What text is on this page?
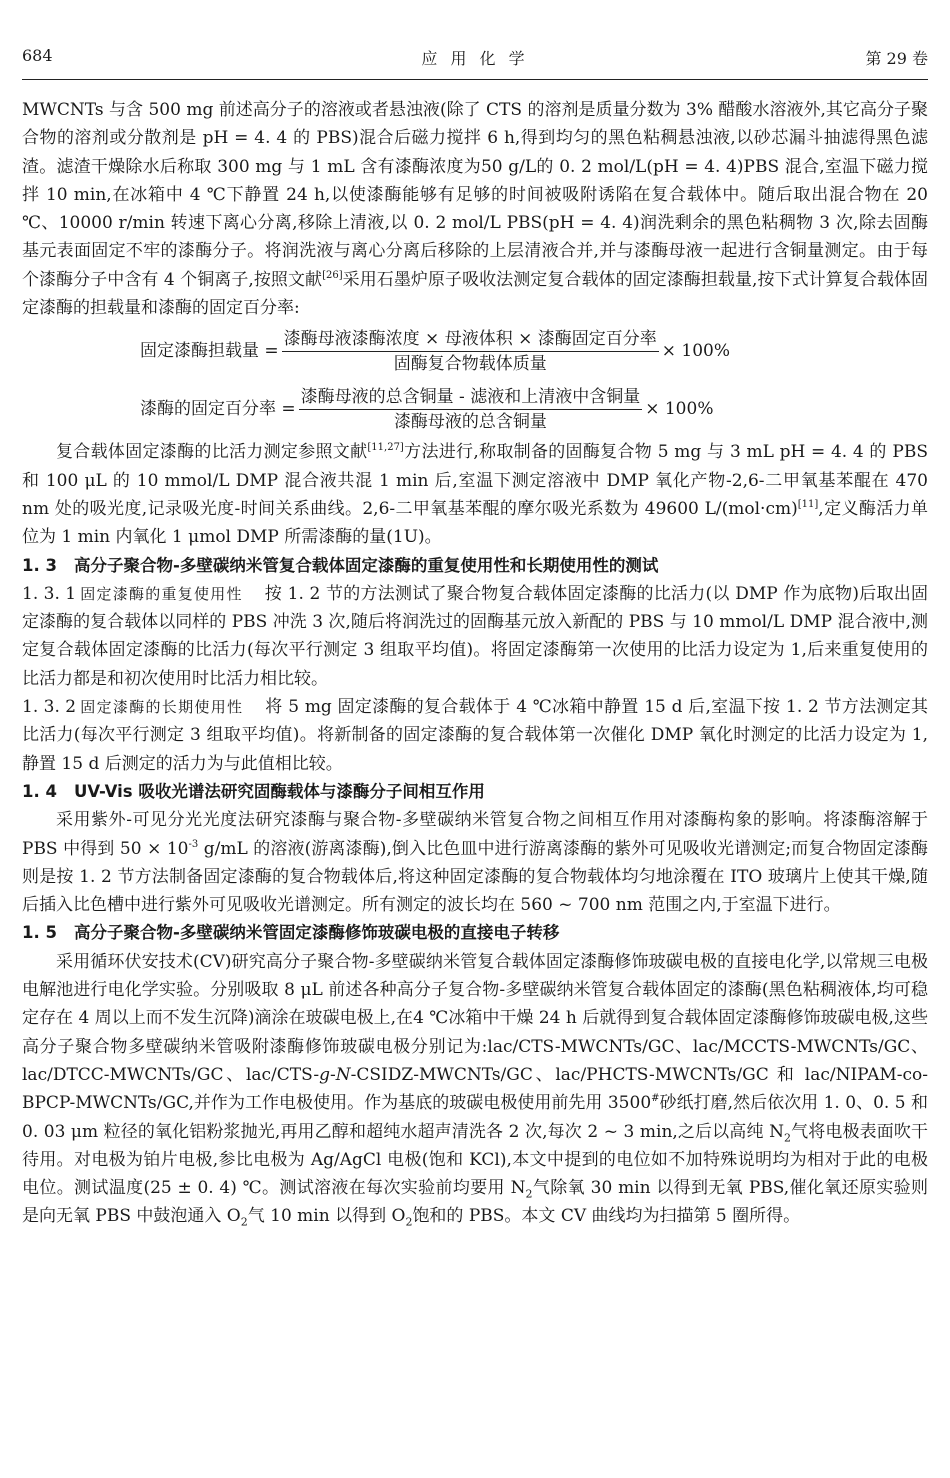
684	应 用 化 学	第 29 卷

MWCNTs 与含 500 mg 前述高分子的溶液或者悬浊液(除了 CTS 的溶剂是质量分数为 3% 醋酸水溶液外,其它高分子聚合物的溶剂或分散剂是 pH = 4. 4 的 PBS)混合后磁力搅拌 6 h,得到均匀的黑色粘稠悬浊液,以砂芯漏斗抽滤得黑色滤渣。滤渣干燥除水后称取 300 mg 与 1 mL 含有漆酶浓度为50 g/L的 0. 2 mol/L(pH = 4. 4)PBS 混合,室温下磁力搅拌 10 min,在冰箱中 4 ℃下静置 24 h,以使漆酶能够有足够的时间被吸附诱陷在复合载体中。随后取出混合物在 20 ℃、10000 r/min 转速下离心分离,移除上清液,以 0. 2 mol/L PBS(pH = 4. 4)润洗剩余的黑色粘稠物 3 次,除去固酶基元表面固定不牢的漆酶分子。将润洗液与离心分离后移除的上层清液合并,并与漆酶母液一起进行含铜量测定。由于每个漆酶分子中含有 4 个铜离子,按照文献[26]采用石墨炉原子吸收法测定复合载体的固定漆酶担载量,按下式计算复合载体固定漆酶的担载量和漆酶的固定百分率:

固定漆酶担载量 = $\frac{\text{漆酶母液漆酶浓度 × 母液体积 × 漆酶固定百分率}}{\text{固酶复合物载体质量}} \times 100\%$
漆酶的固定百分率 = $\frac{\text{漆酶母液的总含铜量 - 滤液和上清液中含铜量}}{\text{漆酶母液的总含铜量}} \times 100\%$

复合载体固定漆酶的比活力测定参照文献[11,27]方法进行,称取制备的固酶复合物 5 mg 与 3 mL pH = 4. 4 的 PBS 和 100 μL 的 10 mmol/L DMP 混合液共混 1 min 后,室温下测定溶液中 DMP 氧化产物-2,6-二甲氧基苯醌在 470 nm 处的吸光度,记录吸光度-时间关系曲线。2,6-二甲氧基苯醌的摩尔吸光系数为 49600 L/(mol·cm)[11],定义酶活力单位为 1 min 内氧化 1 μmol DMP 所需漆酶的量(1U)。

1. 3 高分子聚合物-多壁碳纳米管复合载体固定漆酶的重复使用性和长期使用性的测试

1. 3. 1 固定漆酶的重复使用性 按 1. 2 节的方法测试了聚合物复合载体固定漆酶的比活力(以 DMP 作为底物)后取出固定漆酶的复合载体以同样的 PBS 冲洗 3 次,随后将润洗过的固酶基元放入新配的 PBS 与 10 mmol/L DMP 混合液中,测定复合载体固定漆酶的比活力(每次平行测定 3 组取平均值)。将固定漆酶第一次使用的比活力设定为 1,后来重复使用的比活力都是和初次使用时比活力相比较。

1. 3. 2 固定漆酶的长期使用性 将 5 mg 固定漆酶的复合载体于 4 ℃冰箱中静置 15 d 后,室温下按 1. 2 节方法测定其比活力(每次平行测定 3 组取平均值)。将新制备的固定漆酶的复合载体第一次催化 DMP 氧化时测定的比活力设定为 1,静置 15 d 后测定的活力为与此值相比较。

1. 4 UV-Vis 吸收光谱法研究固酶载体与漆酶分子间相互作用

采用紫外-可见分光光度法研究漆酶与聚合物-多壁碳纳米管复合物之间相互作用对漆酶构象的影响。将漆酶溶解于 PBS 中得到 $50 \times 10^{-3}$ g/mL 的溶液(游离漆酶),倒入比色皿中进行游离漆酶的紫外可见吸收光谱测定;而复合物固定漆酶则是按 1. 2 节方法制备固定漆酶的复合物载体后,将这种固定漆酶的复合物载体均匀地涂覆在 ITO 玻璃片上使其干燥,随后插入比色槽中进行紫外可见吸收光谱测定。所有测定的波长均在 560 ~ 700 nm 范围之内,于室温下进行。

1. 5 高分子聚合物-多壁碳纳米管固定漆酶修饰玻碳电极的直接电子转移

采用循环伏安技术(CV)研究高分子聚合物-多壁碳纳米管复合载体固定漆酶修饰玻碳电极的直接电化学,以常规三电极电解池进行电化学实验。分别吸取 8 μL 前述各种高分子复合物-多壁碳纳米管复合载体固定的漆酶(黑色粘稠液体,均可稳定存在 4 周以上而不发生沉降)滴涂在玻碳电极上,在4 ℃冰箱中干燥 24 h 后就得到复合载体固定漆酶修饰玻碳电极,这些高分子聚合物多壁碳纳米管吸附漆酶修饰玻碳电极分别记为:lac/CTS-MWCNTs/GC、lac/MCCTS-MWCNTs/GC、lac/DTCC-MWCNTs/GC、lac/CTS-g-N-CSIDZ-MWCNTs/GC、lac/PHCTS-MWCNTs/GC 和 lac/NIPAM-co-BPCP-MWCNTs/GC,并作为工作电极使用。作为基底的玻碳电极使用前先用 3500#砂纸打磨,然后依次用 1. 0、0. 5 和 0. 03 μm 粒径的氧化铝粉浆抛光,再用乙醇和超纯水超声清洗各 2 次,每次 2 ~ 3 min,之后以高纯 $N_2$气将电极表面吹干待用。对电极为铂片电极,参比电极为 Ag/AgCl 电极(饱和 KCl),本文中提到的电位如不加特殊说明均为相对于此的电极电位。测试温度(25 ± 0. 4) ℃。测试溶液在每次实验前均要用 $N_2$气除氧 30 min 以得到无氧 PBS,催化氧还原实验则是向无氧 PBS 中鼓泡通入 $O_2$气 10 min 以得到 $O_2$饱和的 PBS。本文 CV 曲线均为扫描第 5 圈所得。
